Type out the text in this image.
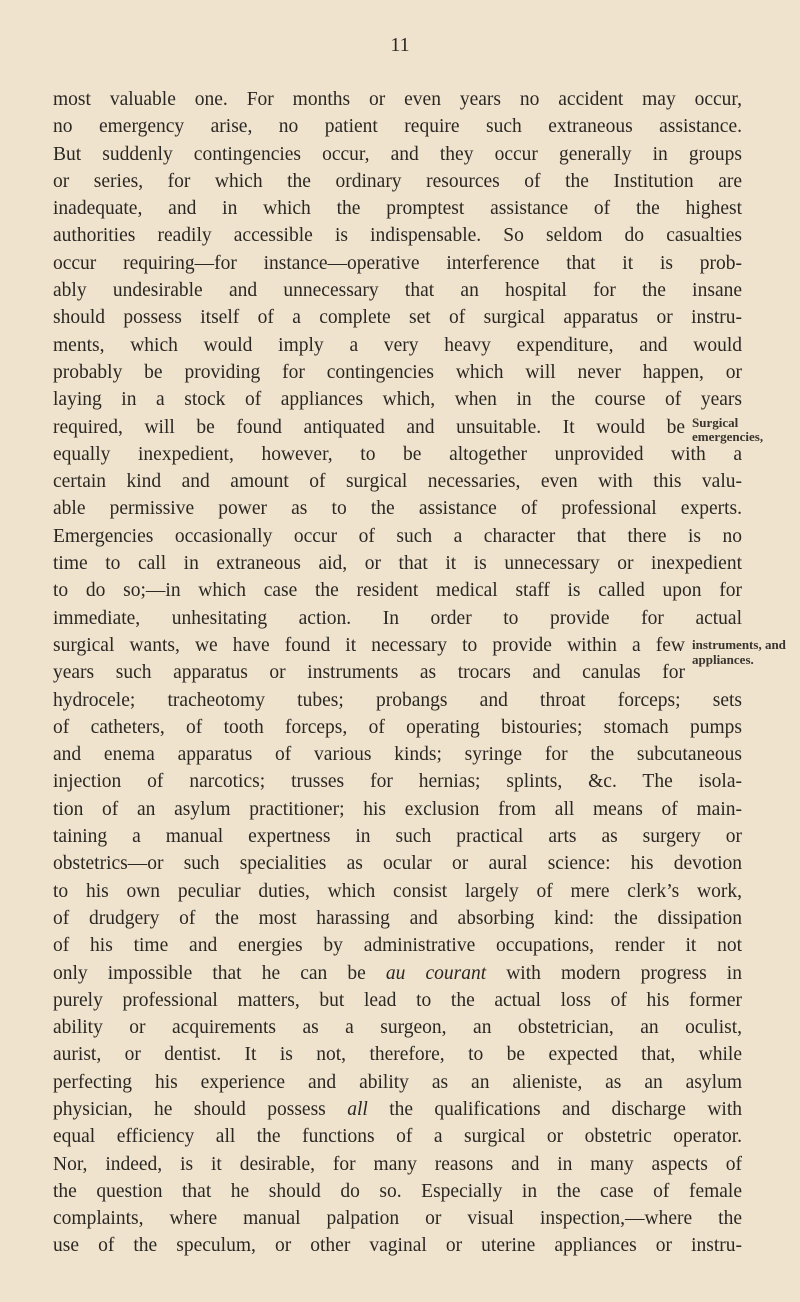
11
most valuable one. For months or even years no accident may occur,
no emergency arise, no patient require such extraneous assistance.
But suddenly contingencies occur, and they occur generally in groups
or series, for which the ordinary resources of the Institution are
inadequate, and in which the promptest assistance of the highest
authorities readily accessible is indispensable. So seldom do casualties
occur requiring—for instance—operative interference that it is prob-
ably undesirable and unnecessary that an hospital for the insane
should possess itself of a complete set of surgical apparatus or instru-
ments, which would imply a very heavy expenditure, and would
probably be providing for contingencies which will never happen, or
laying in a stock of appliances which, when in the course of years
required, will be found antiquated and unsuitable. It would be
equally inexpedient, however, to be altogether unprovided with a
certain kind and amount of surgical necessaries, even with this valu-
able permissive power as to the assistance of professional experts.
Emergencies occasionally occur of such a character that there is no
time to call in extraneous aid, or that it is unnecessary or inexpedient
to do so;—in which case the resident medical staff is called upon for
immediate, unhesitating action. In order to provide for actual
surgical wants, we have found it necessary to provide within a few
years such apparatus or instruments as trocars and canulas for
hydrocele; tracheotomy tubes; probangs and throat forceps; sets
of catheters, of tooth forceps, of operating bistouries; stomach pumps
and enema apparatus of various kinds; syringe for the subcutaneous
injection of narcotics; trusses for hernias; splints, &c. The isola-
tion of an asylum practitioner; his exclusion from all means of main-
taining a manual expertness in such practical arts as surgery or
obstetrics—or such specialities as ocular or aural science: his devotion
to his own peculiar duties, which consist largely of mere clerk’s work,
of drudgery of the most harassing and absorbing kind: the dissipation
of his time and energies by administrative occupations, render it not
only impossible that he can be au courant with modern progress in
purely professional matters, but lead to the actual loss of his former
ability or acquirements as a surgeon, an obstetrician, an oculist,
aurist, or dentist. It is not, therefore, to be expected that, while
perfecting his experience and ability as an alieniste, as an asylum
physician, he should possess all the qualifications and discharge with
equal efficiency all the functions of a surgical or obstetric operator.
Nor, indeed, is it desirable, for many reasons and in many aspects of
the question that he should do so. Especially in the case of female
complaints, where manual palpation or visual inspection,—where the
use of the speculum, or other vaginal or uterine appliances or instru-
Surgical
emergencies,
instruments, and
appliances.
